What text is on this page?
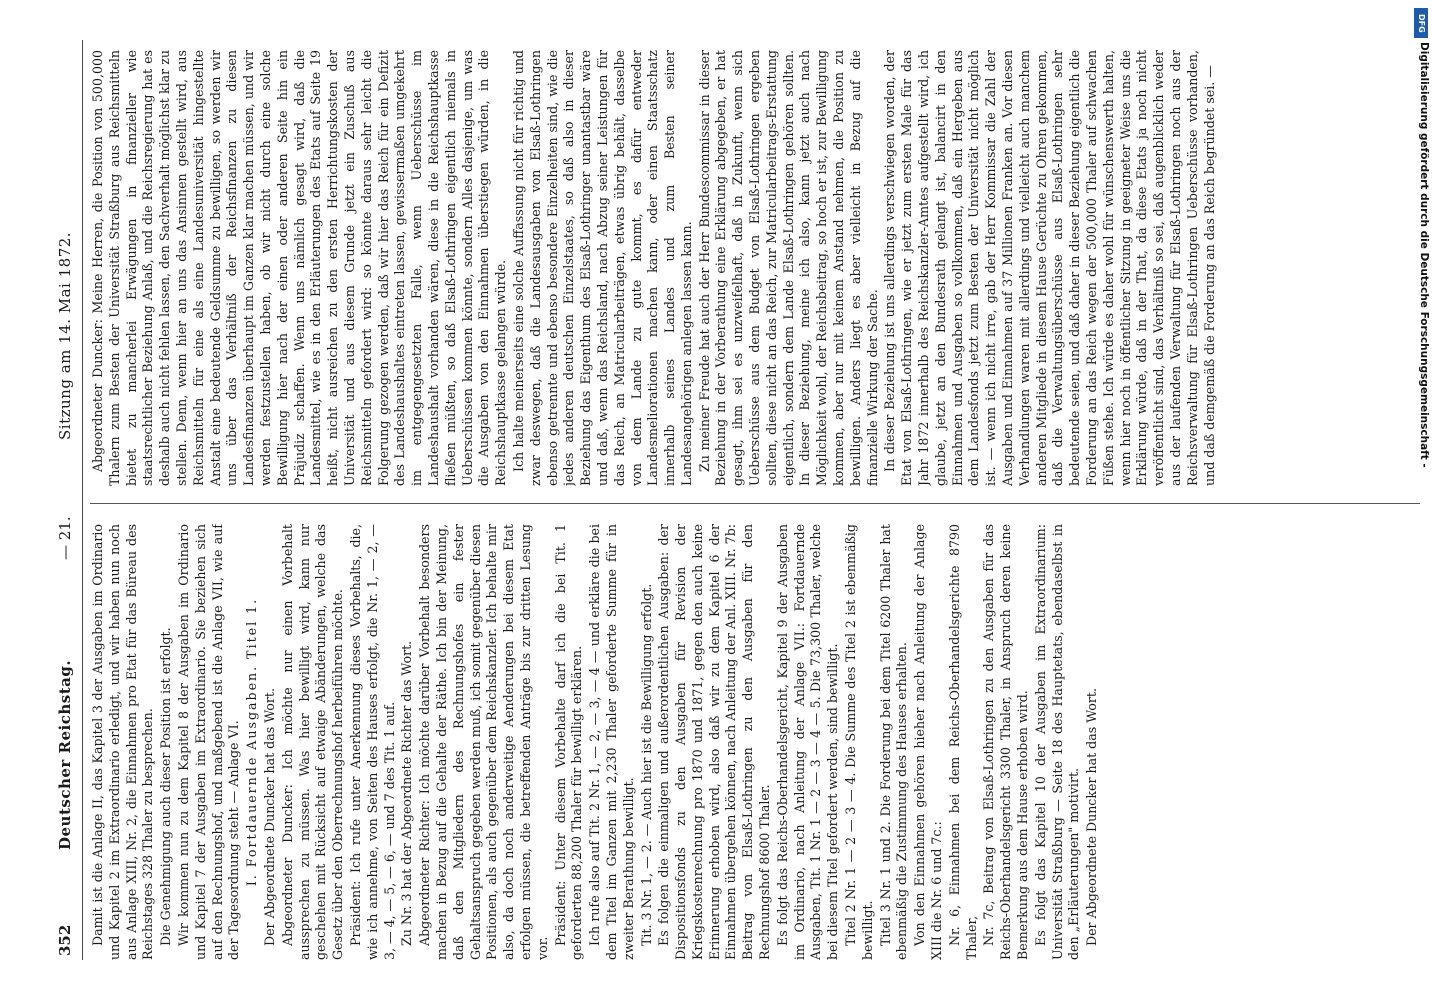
352
Deutscher Reichstag.
— 21.
Sitzung am 14. Mai 1872.

Damit ist die Anlage II, das Kapitel 3 der Ausgaben im Ordinario und Kapitel 2 im Extraordinario erledigt, und wir haben nun noch aus Anlage XIII, Nr. 2, die Einnahmen pro Etat für das Büreau des Reichstages 328 Thaler zu besprechen. Die Genehmigung auch dieser Position ist erfolgt. Wir kommen nun zu dem Kapitel 8 der Ausgaben im Ordinario und Kapitel 7 der Ausgaben im Extraordinario. Sie beziehen sich auf den Rechnungshof, und maßgebend ist die Anlage VII, wie auf der Tagesordnung steht — Anlage VI. I. Fortdauernde Ausgaben. Titel 1. Der Abgeordnete Duncker hat das Wort. Abgeordneter Duncker: Ich möchte nur einen Vorbehalt aussprechen zu müssen. Was hier bewilligt wird, kann nur geschehen mit Rücksicht auf etwaige Abänderungen, welche das Gesetz über den Oberrechnungshof herbeiführen möchte. Präsident: Ich rufe unter Anerkennung dieses Vorbehalts, die, wie ich annehme, von Seiten des Hauses erfolgt, die Nr. 1, — 2, — 3, — 4, — 5, — 6, — und 7 des Tit. 1 auf. Zu Nr. 3 hat der Abgeordnete Richter das Wort. Abgeordneter Richter: Ich möchte darüber Vorbehalt besonders machen in Bezug auf die Gehalte der Räthe. Ich bin der Meinung, daß den Mitgliedern des Rechnungshofes ein fester Gehaltsanspruch gegeben werden muß, ich somit gegenüber diesen Positionen, als auch gegenüber dem Reichskanzler. Ich behalte mir also, da doch noch anderweitige Aenderungen bei diesem Etat erfolgen müssen, die betreffenden Anträge bis zur dritten Lesung vor.

Präsident: Unter diesem Vorbehalte darf ich die bei Tit. 1 geforderten 88,200 Thaler für bewilligt erklären. Ich rufe also auf Tit. 2 Nr. 1, — 2, — 3, — 4 — und erkläre die bei dem Titel im Ganzen mit 2,230 Thaler geforderte Summe für in zweiter Berathung bewilligt. Tit. 3 Nr. 1, — 2. — Auch hier ist die Bewilligung erfolgt. Es folgen die einmaligen und außerordentlichen Ausgaben: der Dispositionsfonds zu den Ausgaben für Revision der Kriegskostenrechnung pro 1870 und 1871, gegen den auch keine Erinnerung erhoben wird, also daß wir zu dem Kapitel 6 der Einnahmen übergehen können, nach Anleitung der Anl. XIII. Nr. 7b: Beitrag von Elsaß-Lothringen zu den Ausgaben für den Rechnungshof 8600 Thaler. Es folgt das Reichs-Oberhandelsgericht, Kapitel 9 der Ausgaben im Ordinario, nach Anleitung der Anlage VII.: Fortdauernde Ausgaben, Tit. 1 Nr. 1 — 2 — 3 — 4 — 5. Die 73,300 Thaler, welche bei diesem Titel gefordert werden, sind bewilligt. Titel 2 Nr. 1 — 2 — 3 — 4. Die Summe des Titel 2 ist ebenmäßig bewilligt. Titel 3 Nr. 1 und 2. Die Forderung bei dem Titel 6200 Thaler hat ebenmäßig die Zustimmung des Hauses erhalten. Von den Einnahmen gehören hieher nach Anleitung der Anlage XIII die Nr. 6 und 7c.: Nr. 6, Einnahmen bei dem Reichs-Oberhandelsgerichte 8790 Thaler, Nr. 7c, Beitrag von Elsaß-Lothringen zu den Ausgaben für das Reichs-Oberhandelsgericht 3300 Thaler, in Anspruch deren keine Bemerkung aus dem Hause erhoben wird. Es folgt das Kapitel 10 der Ausgaben im Extraordinarium: Universität Straßburg — Seite 18 des Hauptetats, ebendaselbst in den „Erläuterungen" motivirt. Der Abgeordnete Duncker hat das Wort.

Abgeordneter Duncker: Meine Herren, die Position von 500,000 Thalern zum Besten der Universität Straßburg aus Reichsmitteln bietet zu mancherlei Erwägungen in finanzieller wie staatsrechtlicher Beziehung Anlaß, und die Reichsregierung hat es deshalb auch nicht fehlen lassen, den Sachverhalt möglichst klar zu stellen. Denn, wenn hier an uns das Ansinnen gestellt wird, aus Reichsmitteln für eine als eine Landesuniversität hingestellte Anstalt eine bedeutende Geldsumme zu bewilligen, so werden wir uns über das Verhältniß der Reichsfinanzen zu diesen Landesfinanzen überhaupt im Ganzen klar machen müssen, und wir werden festzustellen haben, ob wir nicht durch eine solche Bewilligung hier nach der einen oder anderen Seite hin ein Präjudiz schaffen. Wenn uns nämlich gesagt wird, daß die Landesmittel, wie es in den Erläuterungen des Etats auf Seite 19 heißt, nicht ausreichen zu den ersten Herrichtungskosten der Universität und aus diesem Grunde jetzt ein Zuschuß aus Reichsmitteln gefordert wird: so könnte daraus sehr leicht die Folgerung gezogen werden, daß wir hier das Reich für ein Defizit des Landeshaushaltes eintreten lassen, gewissermaßen umgekehrt im entgegengesetzten Falle, wenn Ueberschüsse im Landeshaushalt vorhanden wären, diese in die Reichshauptkasse fließen müßten, so daß Elsaß-Lothringen eigentlich niemals in Ueberschüssen kommen könnte, sondern Alles dasjenige, um was die Ausgaben von den Einnahmen überstiegen würden, in die Reichshauptkasse gelangen würde. Ich halte meinerseits eine solche Auffassung nicht für richtig und zwar deswegen, daß die Landesausgaben von Elsaß-Lothringen ebenso getrennte und ebenso besondere Einzelheiten sind, wie die jedes anderen deutschen Einzelstaates, so daß also in dieser Beziehung das Eigenthum des Elsaß-Lothringer unantastbar wäre und daß, wenn das Reichsland, nach Abzug seiner Leistungen für das Reich, an Matricularbeiträgen, etwas übrig behält, dasselbe von dem Lande zu gute kommt, es dafür entweder Landesmeliorationen machen kann, oder einen Staatsschatz innerhalb seines Landes und zum Besten seiner Landesangehörigen anlegen lassen kann. Zu meiner Freude hat auch der Herr Bundescommissar in dieser Beziehung in der Vorberathung eine Erklärung abgegeben, er hat gesagt, ihm sei es unzweifelhaft, daß in Zukunft, wenn sich Ueberschüsse aus dem Budget von Elsaß-Lothringen ergeben sollten, diese nicht an das Reich, zur Matricularbeitrags-Erstattung eigentlich, sondern dem Lande Elsaß-Lothringen gehören sollten. In dieser Beziehung, meine ich also, kann jetzt auch nach Möglichkeit wohl, der Reichsbeitrag, so hoch er ist, zur Bewilligung kommen, aber nur mit keinem Anstand nehmen, die Position zu bewilligen. Anders liegt es aber vielleicht in Bezug auf die finanzielle Wirkung der Sache. In dieser Beziehung ist uns allerdings verschwiegen worden, der Etat von Elsaß-Lothringen, wie er jetzt zum ersten Male für das Jahr 1872 innerhalb des Reichskanzler-Amtes aufgestellt wird, ich glaube, jetzt an den Bundesrath gelangt ist, balancirt in den Einnahmen und Ausgaben so vollkommen, daß ein Hergeben aus dem Landesfonds jetzt zum Besten der Universität nicht möglich ist. — wenn ich nicht irre, gab der Herr Kommissar die Zahl der Ausgaben und Einnahmen auf 37 Millionen Franken an. Vor diesen Verhandlungen waren mit allerdings und vielleicht auch manchem anderen Mitgliede in diesem Hause Gerüchte zu Ohren gekommen, daß die Verwaltungsüberschüsse aus Elsaß-Lothringen sehr bedeutende seien, und daß daher in dieser Beziehung eigentlich die Forderung an das Reich wegen der 500,000 Thaler auf schwachen Füßen stehe. Ich würde es daher wohl für wünschenswerth halten, wenn hier noch in öffentlicher Sitzung in geeigneter Weise uns die Erklärung würde, daß in der That, da diese Etats ja noch nicht veröffentlicht sind, das Verhältniß so sei, daß augenblicklich weder aus der laufenden Verwaltung für Elsaß-Lothringen noch aus der Reichsverwaltung für Elsaß-Lothringen Ueberschüsse vorhanden, und daß demgemäß die Forderung an das Reich begründet sei. —

DFG
Digitalisierung gefördert durch die Deutsche Forschungsgemeinschaft -
